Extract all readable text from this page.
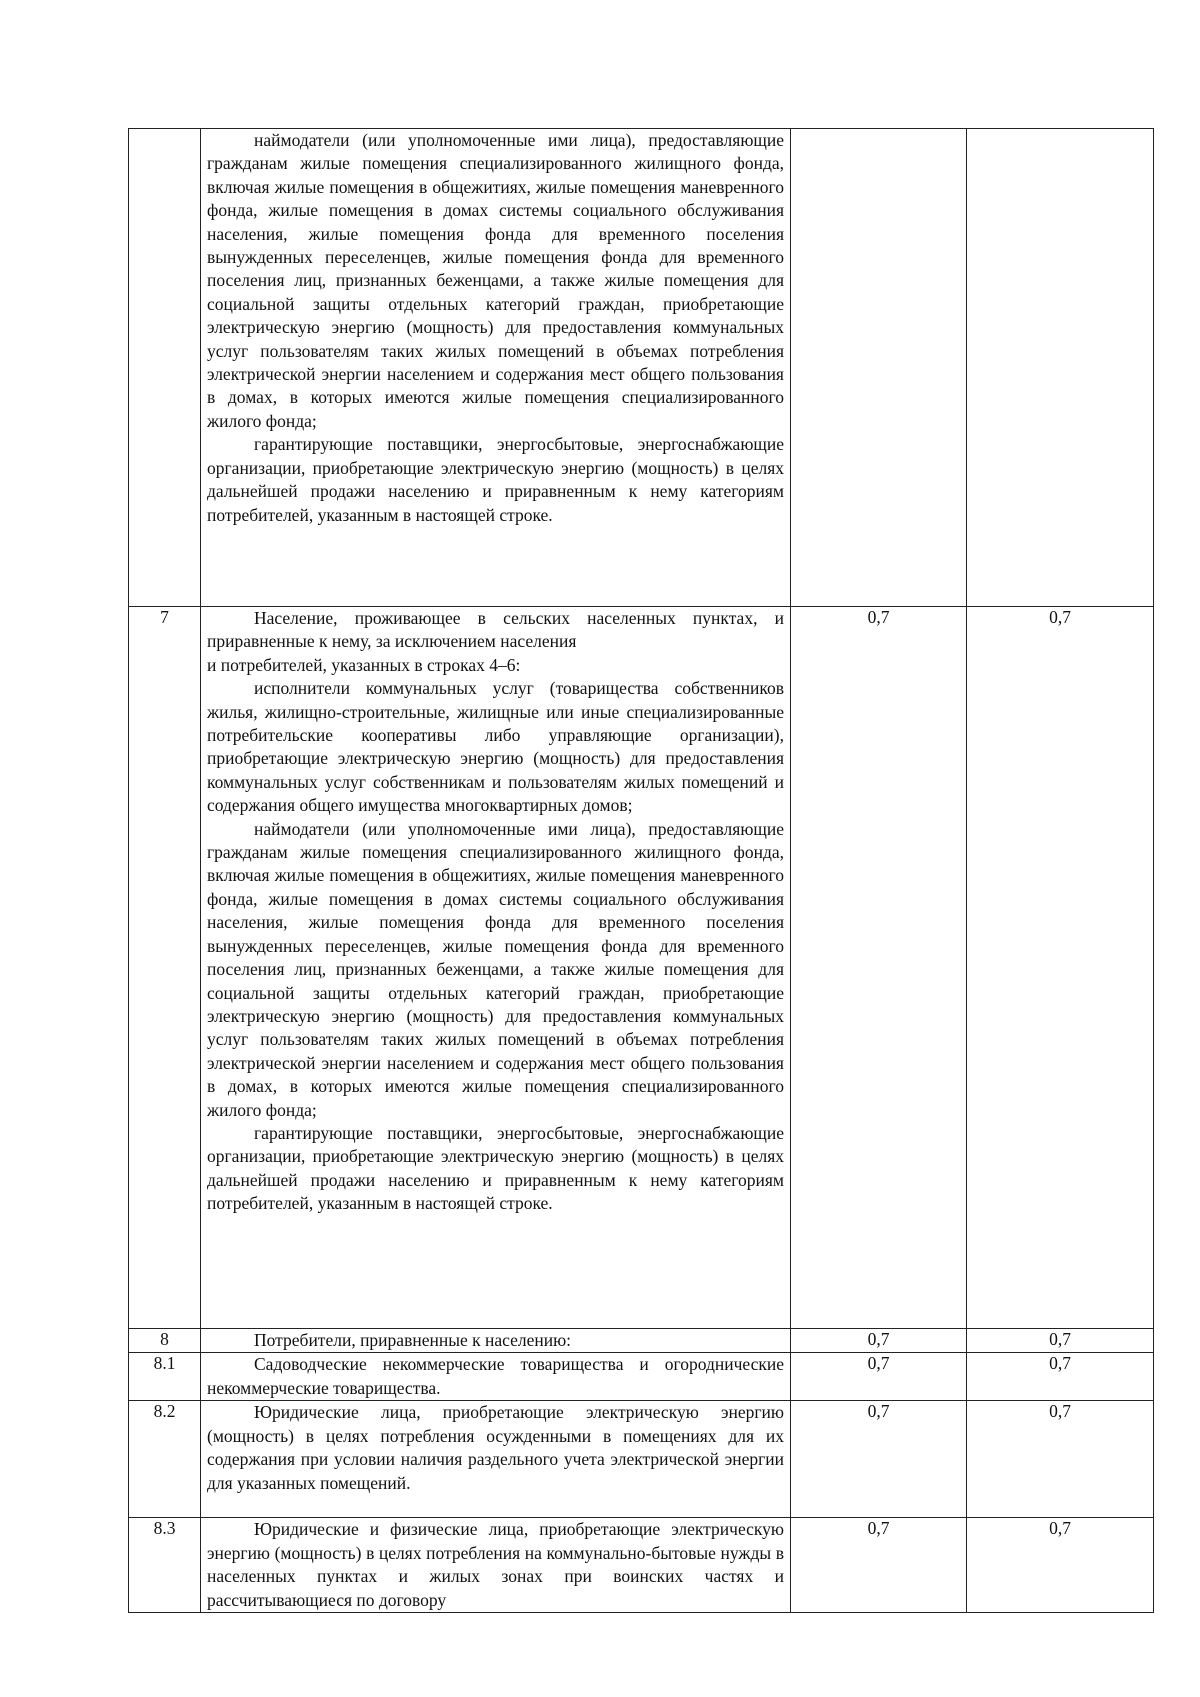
	наймодатели (или уполномоченные ими лица), предоставляющие гражданам жилые помещения специализированного жилищного фонда, включая жилые помещения в общежитиях, жилые помещения маневренного фонда, жилые помещения в домах системы социального обслуживания населения, жилые помещения фонда для временного поселения вынужденных переселенцев, жилые помещения фонда для временного поселения лиц, признанных беженцами, а также жилые помещения для социальной защиты отдельных категорий граждан, приобретающие электрическую энергию (мощность) для предоставления коммунальных услуг пользователям таких жилых помещений в объемах потребления электрической энергии населением и содержания мест общего пользования в домах, в которых имеются жилые помещения специализированного жилого фонда;

гарантирующие поставщики, энергосбытовые, энергоснабжающие организации, приобретающие электрическую энергию (мощность) в целях дальнейшей продажи населению и приравненным к нему категориям потребителей, указанным в настоящей строке.		

7	Население, проживающее в сельских населенных пунктах, и приравненные к нему, за исключением населения

и потребителей, указанных в строках 4–6:

исполнители коммунальных услуг (товарищества собственников жилья, жилищно-строительные, жилищные или иные специализированные потребительские кооперативы либо управляющие организации), приобретающие электрическую энергию (мощность) для предоставления коммунальных услуг собственникам и пользователям жилых помещений и содержания общего имущества многоквартирных домов;

наймодатели (или уполномоченные ими лица), предоставляющие гражданам жилые помещения специализированного жилищного фонда, включая жилые помещения в общежитиях, жилые помещения маневренного фонда, жилые помещения в домах системы социального обслуживания населения, жилые помещения фонда для временного поселения вынужденных переселенцев, жилые помещения фонда для временного поселения лиц, признанных беженцами, а также жилые помещения для социальной защиты отдельных категорий граждан, приобретающие электрическую энергию (мощность) для предоставления коммунальных услуг пользователям таких жилых помещений в объемах потребления электрической энергии населением и содержания мест общего пользования в домах, в которых имеются жилые помещения специализированного жилого фонда;

гарантирующие поставщики, энергосбытовые, энергоснабжающие организации, приобретающие электрическую энергию (мощность) в целях дальнейшей продажи населению и приравненным к нему категориям потребителей, указанным в настоящей строке.	0,7	0,7
8	Потребители, приравненные к населению:	0,7	0,7
8.1	Садоводческие некоммерческие товарищества и огороднические некоммерческие товарищества.	0,7	0,7
8.2	Юридические лица, приобретающие электрическую энергию (мощность) в целях потребления осужденными в помещениях для их содержания при условии наличия раздельного учета электрической энергии для указанных помещений.	0,7	0,7
8.3	Юридические и физические лица, приобретающие электрическую энергию (мощность) в целях потребления на коммунально-бытовые нужды в населенных пунктах и жилых зонах при воинских частях и рассчитывающиеся по договору	0,7	0,7
